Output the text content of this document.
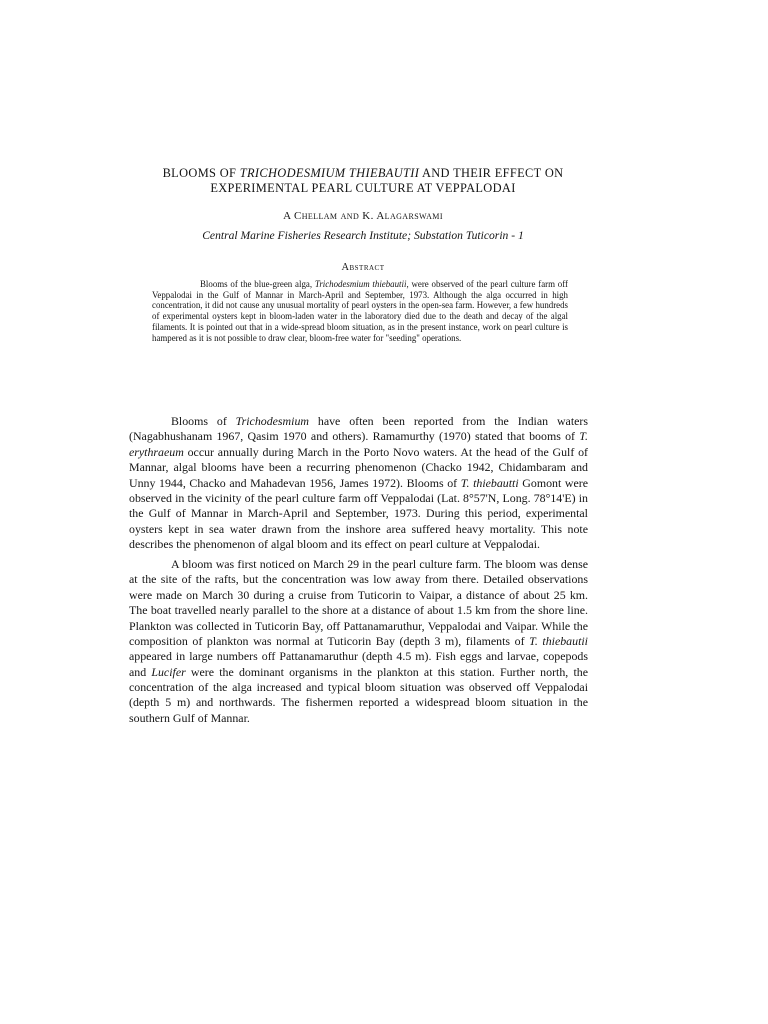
BLOOMS OF TRICHODESMIUM THIEBAUTII AND THEIR EFFECT ON
EXPERIMENTAL PEARL CULTURE AT VEPPALODAI

A Chellam and K. Alagarswami

Central Marine Fisheries Research Institute; Substation Tuticorin - 1

Abstract

Blooms of the blue-green alga, Trichodesmium thiebautii, were observed of the pearl culture farm off Veppalodai in the Gulf of Mannar in March-April and September, 1973. Although the alga occurred in high concentration, it did not cause any unusual mortality of pearl oysters in the open-sea farm. However, a few hundreds of experimental oysters kept in bloom-laden water in the laboratory died due to the death and decay of the algal filaments. It is pointed out that in a wide-spread bloom situation, as in the present instance, work on pearl culture is hampered as it is not possible to draw clear, bloom-free water for "seeding" operations.

Blooms of Trichodesmium have often been reported from the Indian waters (Nagabhushanam 1967, Qasim 1970 and others). Ramamurthy (1970) stated that booms of T. erythraeum occur annually during March in the Porto Novo waters. At the head of the Gulf of Mannar, algal blooms have been a recurring phenomenon (Chacko 1942, Chidambaram and Unny 1944, Chacko and Mahadevan 1956, James 1972). Blooms of T. thiebautti Gomont were observed in the vicinity of the pearl culture farm off Veppalodai (Lat. 8°57'N, Long. 78°14'E) in the Gulf of Mannar in March-April and September, 1973. During this period, experimental oysters kept in sea water drawn from the inshore area suffered heavy mortality. This note describes the phenomenon of algal bloom and its effect on pearl culture at Veppalodai.

A bloom was first noticed on March 29 in the pearl culture farm. The bloom was dense at the site of the rafts, but the concentration was low away from there. Detailed observations were made on March 30 during a cruise from Tuticorin to Vaipar, a distance of about 25 km. The boat travelled nearly parallel to the shore at a distance of about 1.5 km from the shore line. Plankton was collected in Tuticorin Bay, off Pattanamaruthur, Veppalodai and Vaipar. While the composition of plankton was normal at Tuticorin Bay (depth 3 m), filaments of T. thiebautii appeared in large numbers off Pattanamaruthur (depth 4.5 m). Fish eggs and larvae, copepods and Lucifer were the dominant organisms in the plankton at this station. Further north, the concentration of the alga increased and typical bloom situation was observed off Veppalodai (depth 5 m) and northwards. The fishermen reported a widespread bloom situation in the southern Gulf of Mannar.
